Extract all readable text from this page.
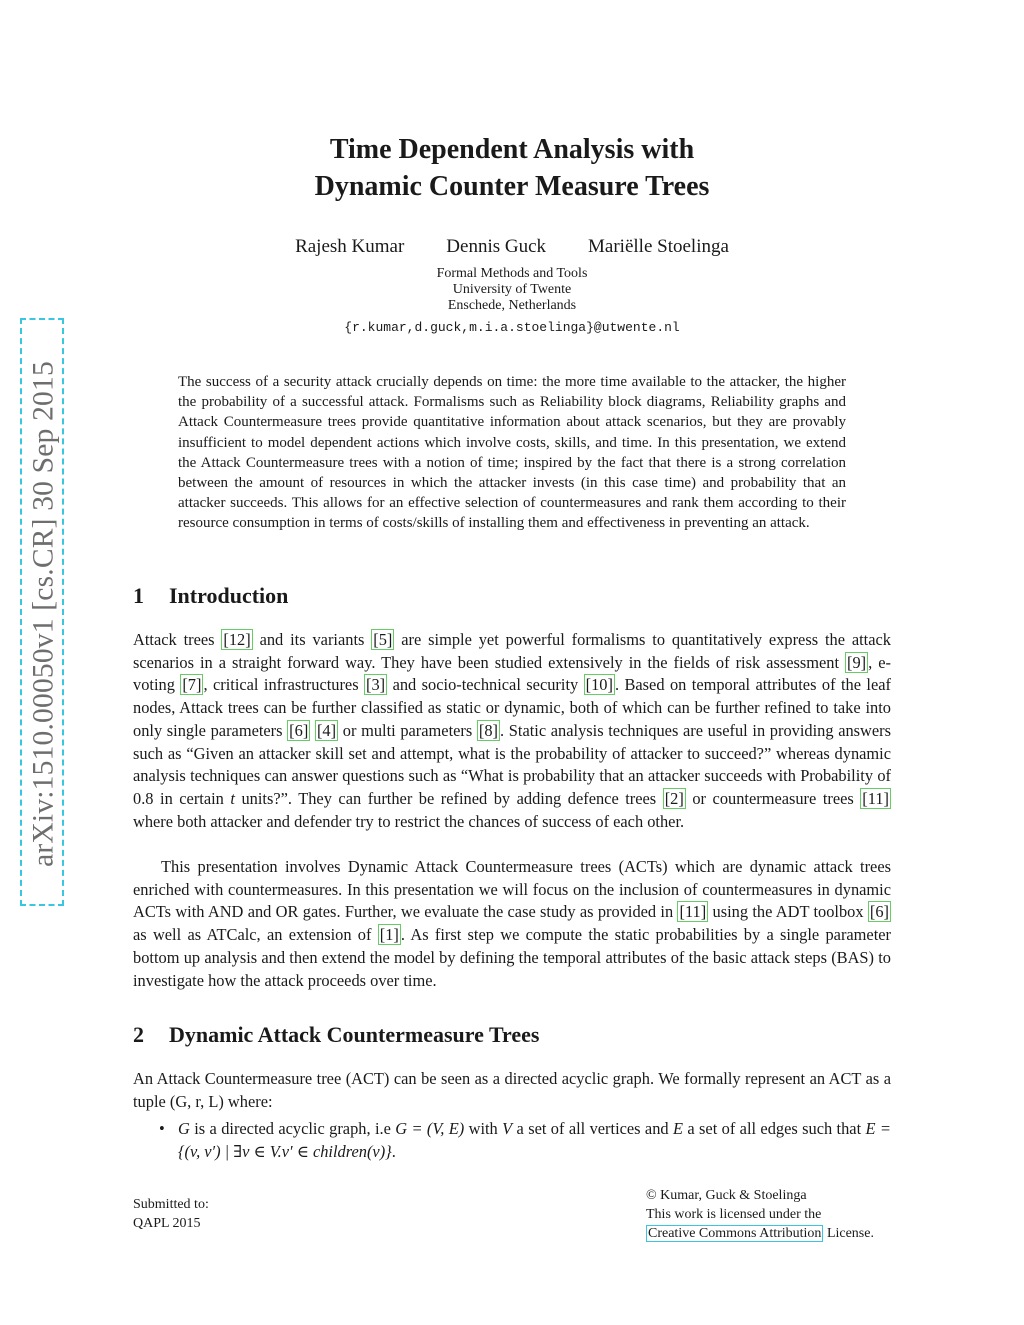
arXiv:1510.00050v1 [cs.CR] 30 Sep 2015
Time Dependent Analysis with
Dynamic Counter Measure Trees
Rajesh Kumar Dennis Guck Mariëlle Stoelinga
Formal Methods and Tools
University of Twente
Enschede, Netherlands
{r.kumar,d.guck,m.i.a.stoelinga}@utwente.nl

The success of a security attack crucially depends on time: the more time available to the attacker, the higher the probability of a successful attack. Formalisms such as Reliability block diagrams, Reliability graphs and Attack Countermeasure trees provide quantitative information about attack scenarios, but they are provably insufficient to model dependent actions which involve costs, skills, and time. In this presentation, we extend the Attack Countermeasure trees with a notion of time; inspired by the fact that there is a strong correlation between the amount of resources in which the attacker invests (in this case time) and probability that an attacker succeeds. This allows for an effective selection of countermeasures and rank them according to their resource consumption in terms of costs/skills of installing them and effectiveness in preventing an attack.

1 Introduction

Attack trees [12] and its variants [5] are simple yet powerful formalisms to quantitatively express the attack scenarios in a straight forward way. They have been studied extensively in the fields of risk assessment [9] , e-voting [7] , critical infrastructures [3] and socio-technical security [10] . Based on temporal attributes of the leaf nodes, Attack trees can be further classified as static or dynamic, both of which can be further refined to take into only single parameters [6] [4] or multi parameters [8] . Static analysis techniques are useful in providing answers such as “Given an attacker skill set and attempt, what is the probability of attacker to succeed?” whereas dynamic analysis techniques can answer questions such as “What is probability that an attacker succeeds with Probability of 0.8 in certain t units?”. They can further be refined by adding defence trees [2] or countermeasure trees [11] where both attacker and defender try to restrict the chances of success of each other.

This presentation involves Dynamic Attack Countermeasure trees (ACTs) which are dynamic attack trees enriched with countermeasures. In this presentation we will focus on the inclusion of countermeasures in dynamic ACTs with AND and OR gates. Further, we evaluate the case study as provided in [11] using the ADT toolbox [6] as well as ATCalc, an extension of [1] . As first step we compute the static probabilities by a single parameter bottom up analysis and then extend the model by defining the temporal attributes of the basic attack steps (BAS) to investigate how the attack proceeds over time.

2 Dynamic Attack Countermeasure Trees

An Attack Countermeasure tree (ACT) can be seen as a directed acyclic graph. We formally represent an ACT as a tuple (G, r, L) where:

• G is a directed acyclic graph, i.e G = (V, E) with V a set of all vertices and E a set of all edges such that E = {(v, v′) | ∃v ∈ V.v′ ∈ children(v)}.
Submitted to:
QAPL 2015
© Kumar, Guck & Stoelinga
This work is licensed under the
Creative Commons Attribution License.
